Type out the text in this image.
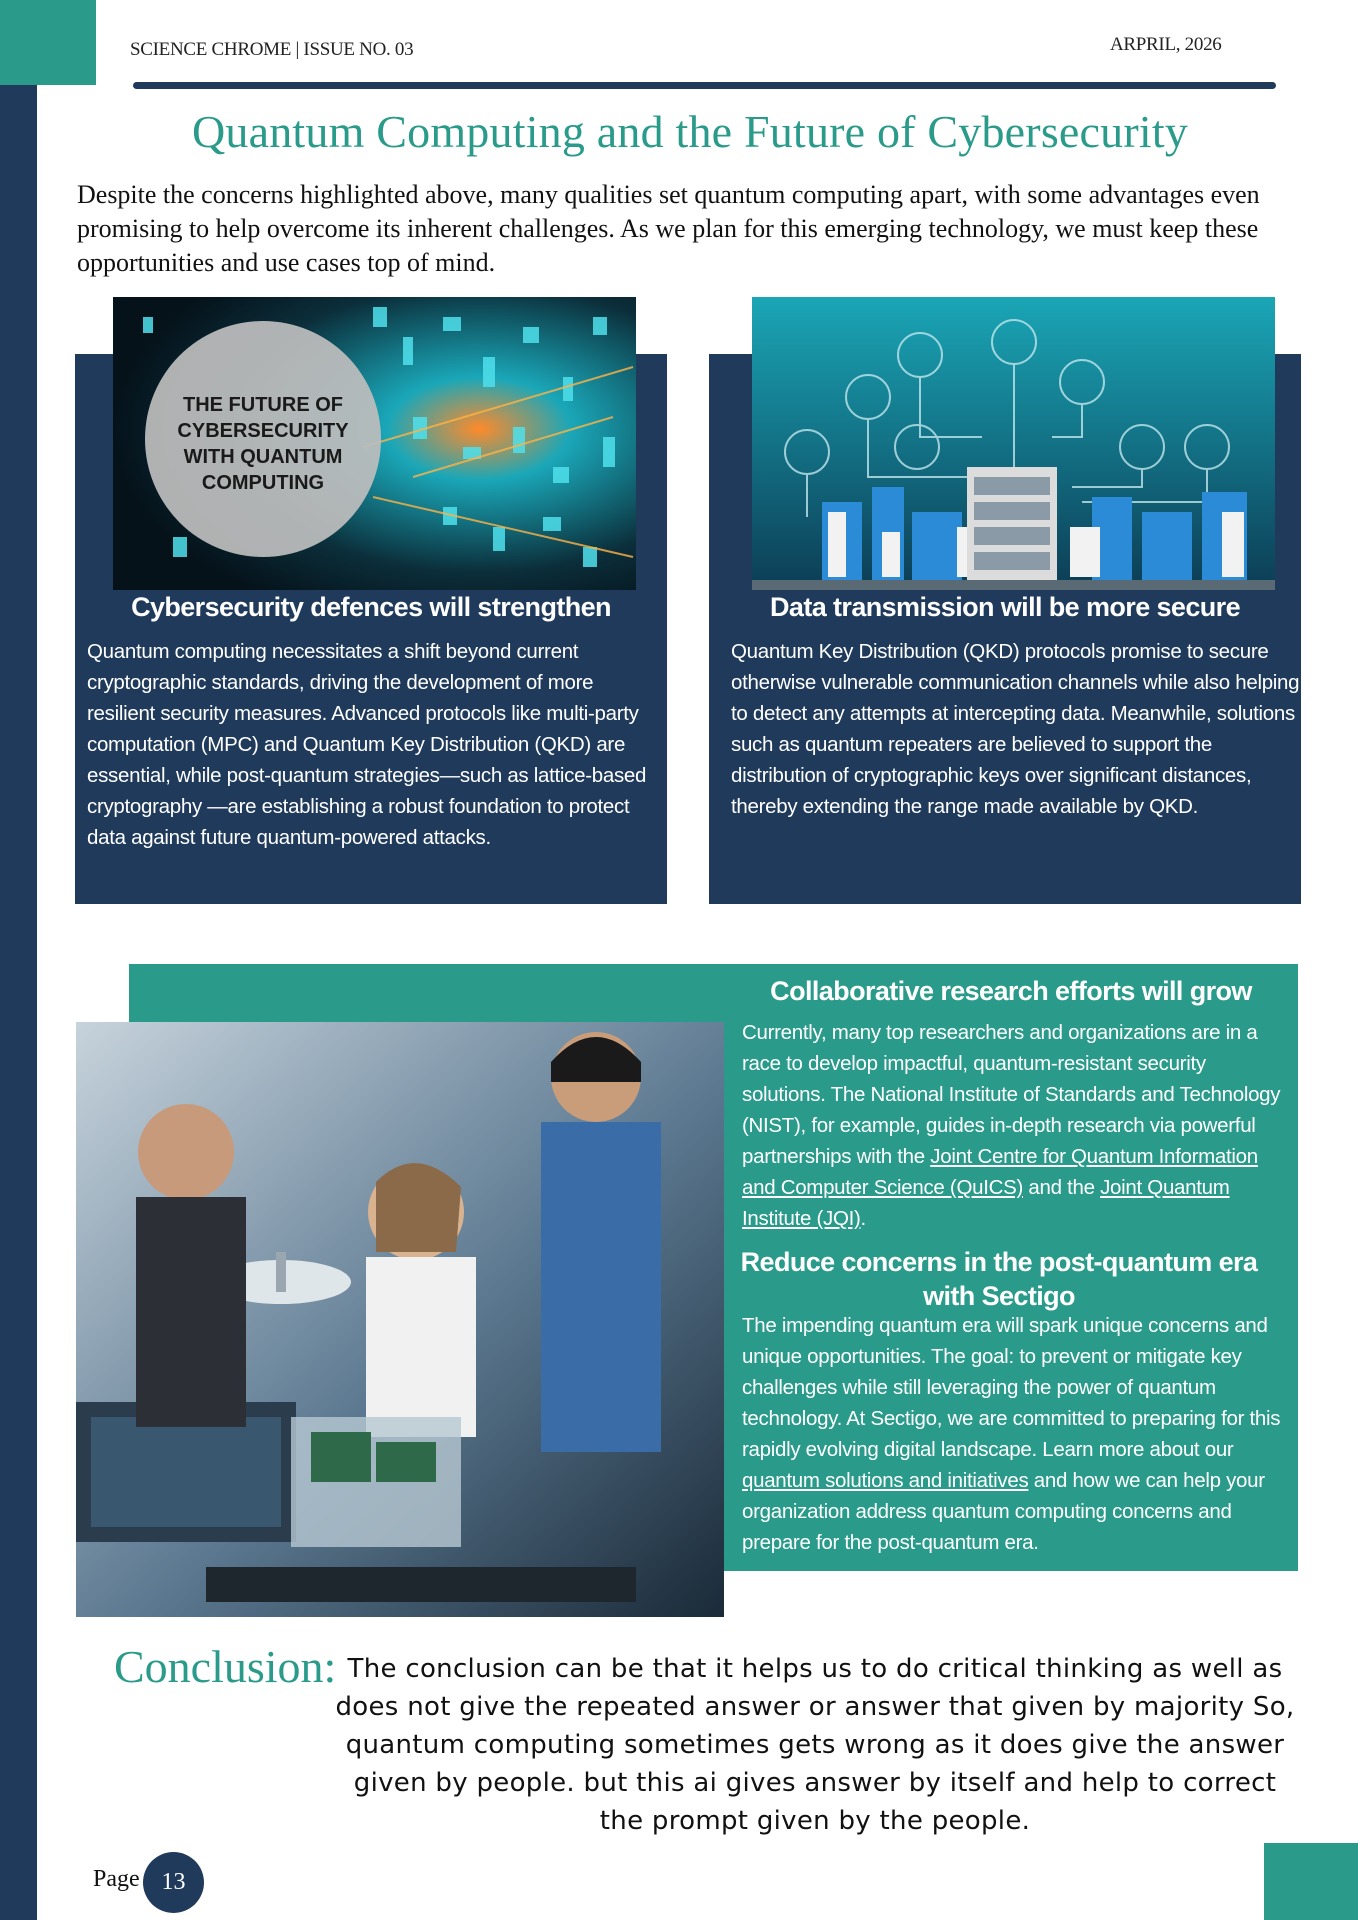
SCIENCE CHROME | ISSUE NO. 03	ARPRIL, 2026
Quantum Computing and the Future of Cybersecurity
Despite the concerns highlighted above, many qualities set quantum computing apart, with some advantages even promising to help overcome its inherent challenges. As we plan for this emerging technology, we must keep these opportunities and use cases top of mind.
THE FUTURE OF CYBERSECURITY WITH QUANTUM COMPUTING
Cybersecurity defences will strengthen
Quantum computing necessitates a shift beyond current cryptographic standards, driving the development of more resilient security measures. Advanced protocols like multi-party computation (MPC) and Quantum Key Distribution (QKD) are essential, while post-quantum strategies—such as lattice-based cryptography —are establishing a robust foundation to protect data against future quantum-powered attacks.
Data transmission will be more secure
Quantum Key Distribution (QKD) protocols promise to secure otherwise vulnerable communication channels while also helping to detect any attempts at intercepting data. Meanwhile, solutions such as quantum repeaters are believed to support the distribution of cryptographic keys over significant distances, thereby extending the range made available by QKD.
Collaborative research efforts will grow
Currently, many top researchers and organizations are in a race to develop impactful, quantum-resistant security solutions. The National Institute of Standards and Technology (NIST), for example, guides in-depth research via powerful partnerships with the Joint Centre for Quantum Information and Computer Science (QuICS) and the Joint Quantum Institute (JQI).
Reduce concerns in the post-quantum era with Sectigo
The impending quantum era will spark unique concerns and unique opportunities. The goal: to prevent or mitigate key challenges while still leveraging the power of quantum technology. At Sectigo, we are committed to preparing for this rapidly evolving digital landscape. Learn more about our quantum solutions and initiatives and how we can help your organization address quantum computing concerns and prepare for the post-quantum era.
Conclusion: The conclusion can be that it helps us to do critical thinking as well as does not give the repeated answer or answer that given by majority So, quantum computing sometimes gets wrong as it does give the answer given by people. but this ai gives answer by itself and help to correct the prompt given by the people.
Page 13
